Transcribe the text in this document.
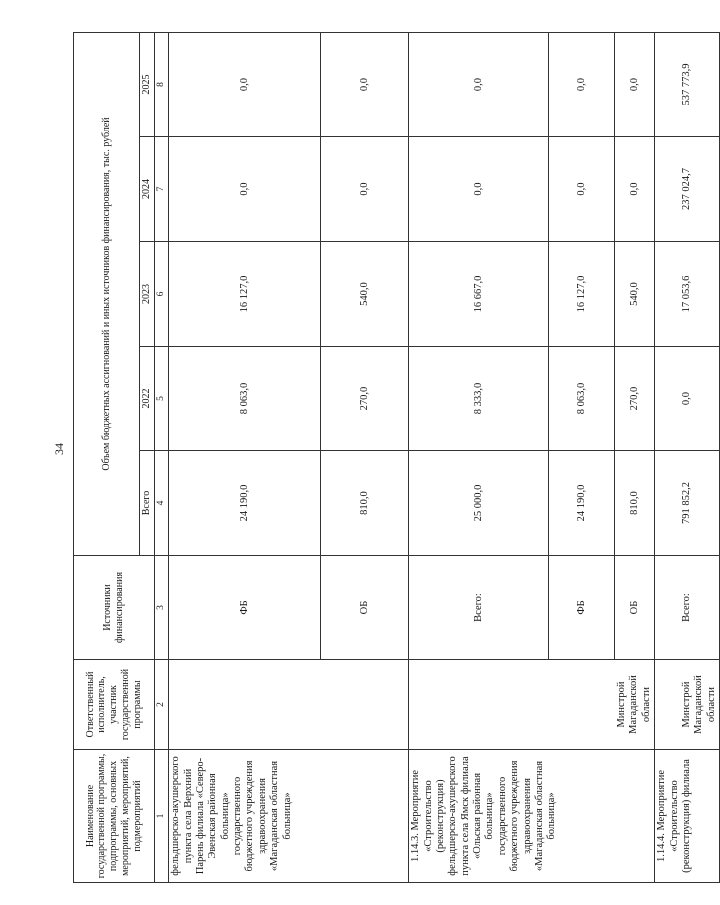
34
Наименование государственной программы, подпрограммы, основных мероприятий, мероприятий, подмероприятий	Ответственный исполнитель, участник государственной программы	Источники финансирования	Объем бюджетных ассигнований и иных источников финансирования, тыс. рублей				
			Всего	2022	2023	2024	2025
1	2	3	4	5	6	7	8
фельдшерско-акушерского пункта села Верхний Парень филиала «Северо-Эвенская районная больница» государственного бюджетного учреждения здравоохранения «Магаданская областная больница»		ФБ	24 190,0	8 063,0	16 127,0	0,0	0,0
		ОБ	810,0	270,0	540,0	0,0	0,0
1.14.3. Мероприятие «Строительство (реконструкция) фельдшерско-акушерского пункта села Ямск филиала «Ольская районная больница» государственного бюджетного учреждения здравоохранения «Магаданская областная больница»	Минстрой Магаданской области	Всего:	25 000,0	8 333,0	16 667,0	0,0	0,0
		ФБ	24 190,0	8 063,0	16 127,0	0,0	0,0
		ОБ	810,0	270,0	540,0	0,0	0,0
1.14.4. Мероприятие «Строительство (реконструкция) филиала	Минстрой Магаданской области	Всего:	791 852,2	0,0	17 053,6	237 024,7	537 773,9
